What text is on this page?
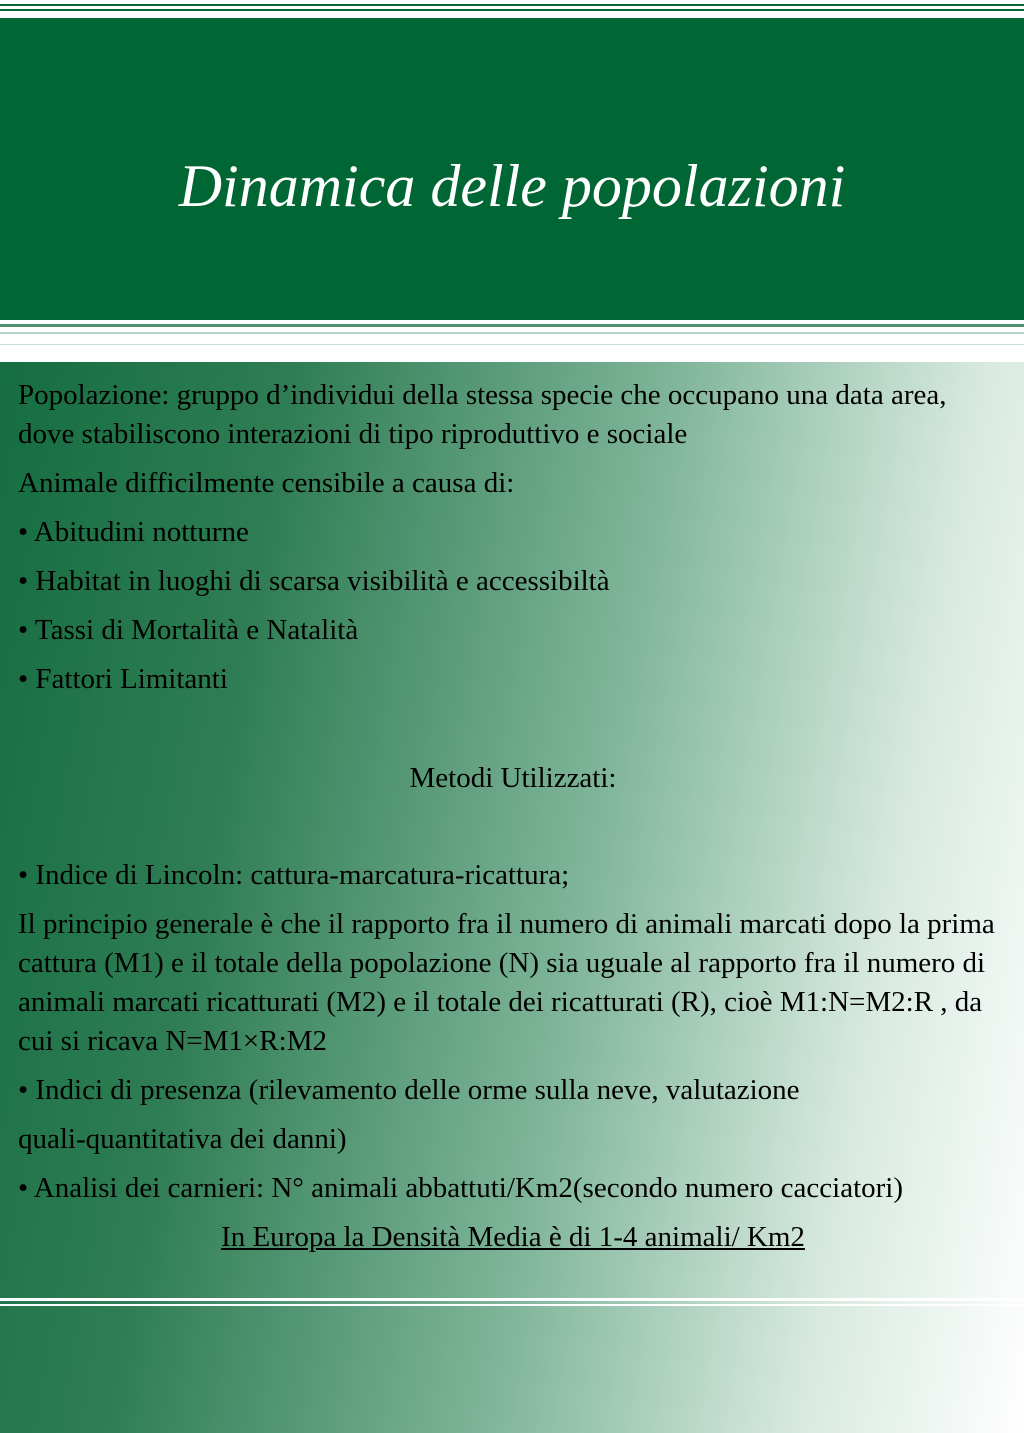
Dinamica delle popolazioni

Popolazione: gruppo d’individui della stessa specie che occupano una data area, dove stabiliscono interazioni di tipo riproduttivo e sociale

Animale difficilmente censibile a causa di:

• Abitudini notturne

• Habitat in luoghi di scarsa visibilità e accessibiltà

• Tassi di Mortalità e Natalità

• Fattori Limitanti

Metodi Utilizzati:

• Indice di Lincoln: cattura-marcatura-ricattura;

Il principio generale è che il rapporto fra il numero di animali marcati dopo la prima cattura (M1) e il totale della popolazione (N) sia uguale al rapporto fra il numero di animali marcati ricatturati (M2) e il totale dei ricatturati (R), cioè M1:N=M2:R , da cui si ricava N=M1×R:M2

• Indici di presenza (rilevamento delle orme sulla neve, valutazione

quali-quantitativa dei danni)

• Analisi dei carnieri: N° animali abbattuti/Km2(secondo numero cacciatori)

In Europa la Densità Media è di 1-4 animali/ Km2
